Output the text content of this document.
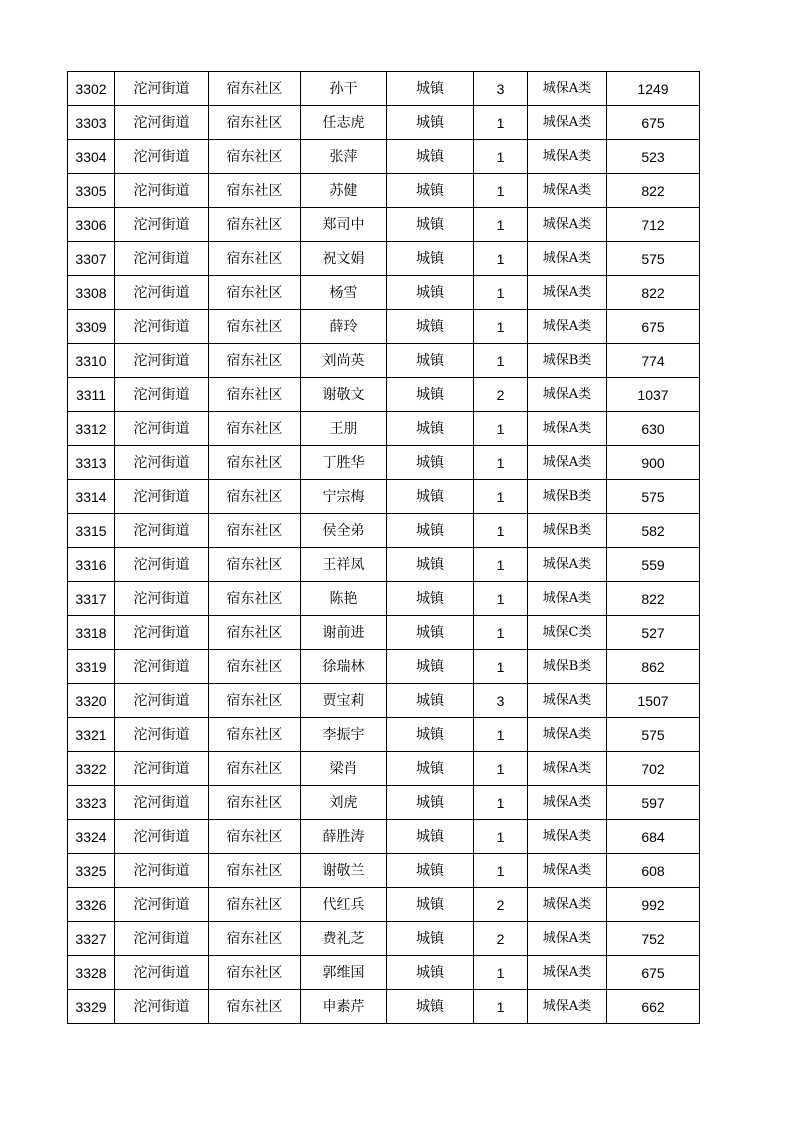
3302	沱河街道	宿东社区	孙干	城镇	3	城保A类	1249
3303	沱河街道	宿东社区	任志虎	城镇	1	城保A类	675
3304	沱河街道	宿东社区	张萍	城镇	1	城保A类	523
3305	沱河街道	宿东社区	苏健	城镇	1	城保A类	822
3306	沱河街道	宿东社区	郑司中	城镇	1	城保A类	712
3307	沱河街道	宿东社区	祝文娟	城镇	1	城保A类	575
3308	沱河街道	宿东社区	杨雪	城镇	1	城保A类	822
3309	沱河街道	宿东社区	薛玲	城镇	1	城保A类	675
3310	沱河街道	宿东社区	刘尚英	城镇	1	城保B类	774
3311	沱河街道	宿东社区	谢敬文	城镇	2	城保A类	1037
3312	沱河街道	宿东社区	王朋	城镇	1	城保A类	630
3313	沱河街道	宿东社区	丁胜华	城镇	1	城保A类	900
3314	沱河街道	宿东社区	宁宗梅	城镇	1	城保B类	575
3315	沱河街道	宿东社区	侯全弟	城镇	1	城保B类	582
3316	沱河街道	宿东社区	王祥凤	城镇	1	城保A类	559
3317	沱河街道	宿东社区	陈艳	城镇	1	城保A类	822
3318	沱河街道	宿东社区	谢前进	城镇	1	城保C类	527
3319	沱河街道	宿东社区	徐瑞林	城镇	1	城保B类	862
3320	沱河街道	宿东社区	贾宝莉	城镇	3	城保A类	1507
3321	沱河街道	宿东社区	李振宇	城镇	1	城保A类	575
3322	沱河街道	宿东社区	梁肖	城镇	1	城保A类	702
3323	沱河街道	宿东社区	刘虎	城镇	1	城保A类	597
3324	沱河街道	宿东社区	薛胜涛	城镇	1	城保A类	684
3325	沱河街道	宿东社区	谢敬兰	城镇	1	城保A类	608
3326	沱河街道	宿东社区	代红兵	城镇	2	城保A类	992
3327	沱河街道	宿东社区	费礼芝	城镇	2	城保A类	752
3328	沱河街道	宿东社区	郭维国	城镇	1	城保A类	675
3329	沱河街道	宿东社区	申素芹	城镇	1	城保A类	662
